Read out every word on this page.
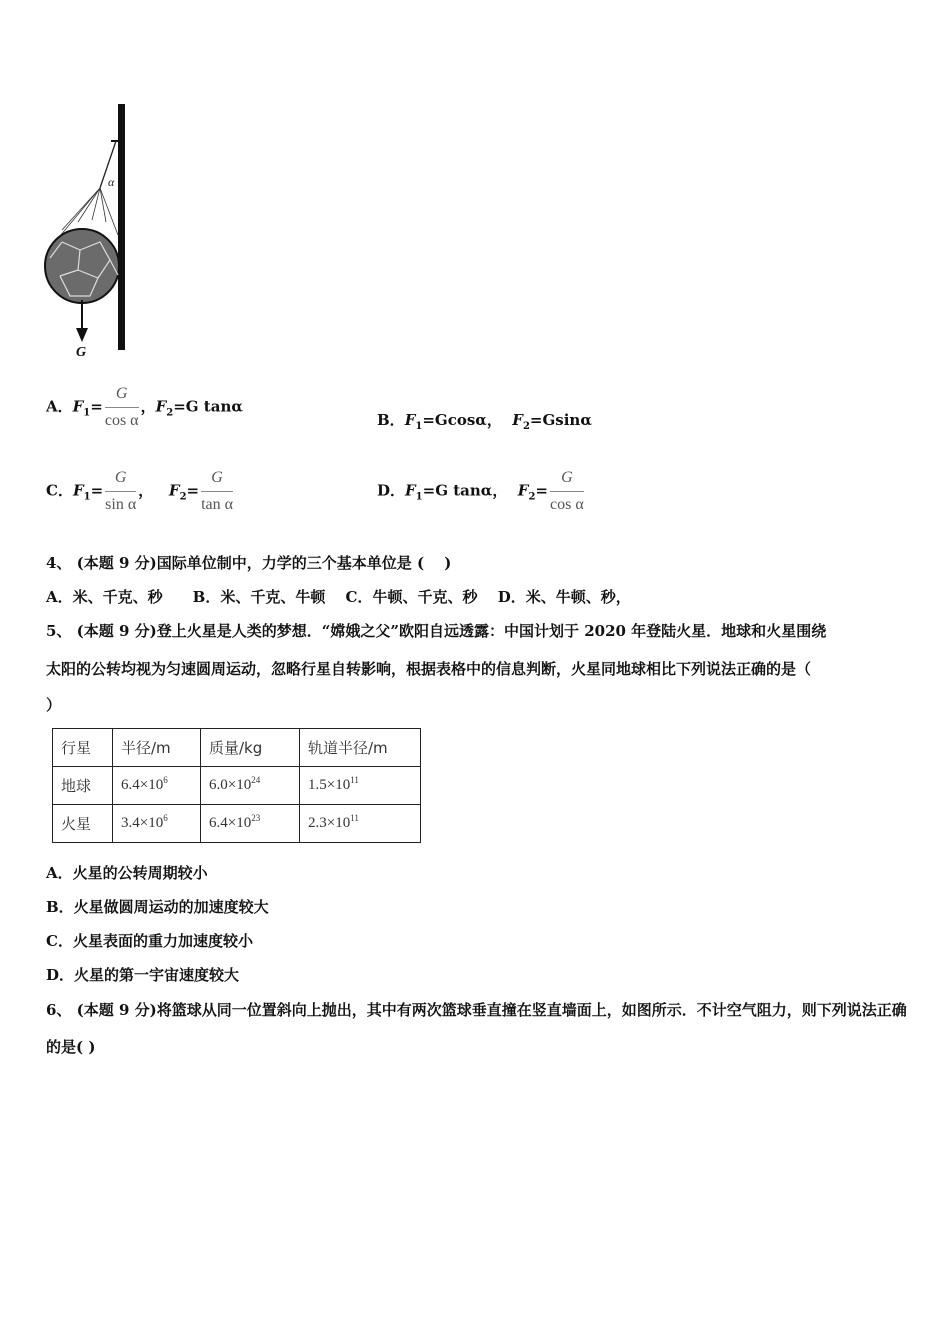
α
G
A．$F_1= \frac{G}{\text{cos α}}$ ，$F_2=G$ tanα
B．$F_1=Gcos\alpha$， $F_2=Gsin\alpha$
C．$F_1= \frac{G}{\text{sin α}}$ ， $F_2= \frac{G}{\text{tan α}}$	D．$F_1=G$ tanα， $F_2= \frac{G}{\text{cos α}}$
4、 (本题 9 分)国际单位制中，力学的三个基本单位是 (　 )
A．米、千克、秒　　B．米、千克、牛顿　 C．牛顿、千克、秒　 D．米、牛顿、秒，
5、 (本题 9 分)登上火星是人类的梦想．“嫦娥之父”欧阳自远透露：中国计划于 2020 年登陆火星．地球和火星围绕
太阳的公转均视为匀速圆周运动，忽略行星自转影响，根据表格中的信息判断，火星同地球相比下列说法正确的是（
）
行星	半径/m	质量/kg	轨道半径/m
地球	$6.4\times 10^6$	$6.0\times 10^{24}$	$1.5\times 10^{11}$
火星	$3.4\times 10^6$	$6.4\times 10^{23}$	$2.3\times 10^{11}$
A．火星的公转周期较小
B．火星做圆周运动的加速度较大
C．火星表面的重力加速度较小
D．火星的第一宇宙速度较大
6、 (本题 9 分)将篮球从同一位置斜向上抛出，其中有两次篮球垂直撞在竖直墙面上，如图所示．不计空气阻力，则下列说法正确的是( )
